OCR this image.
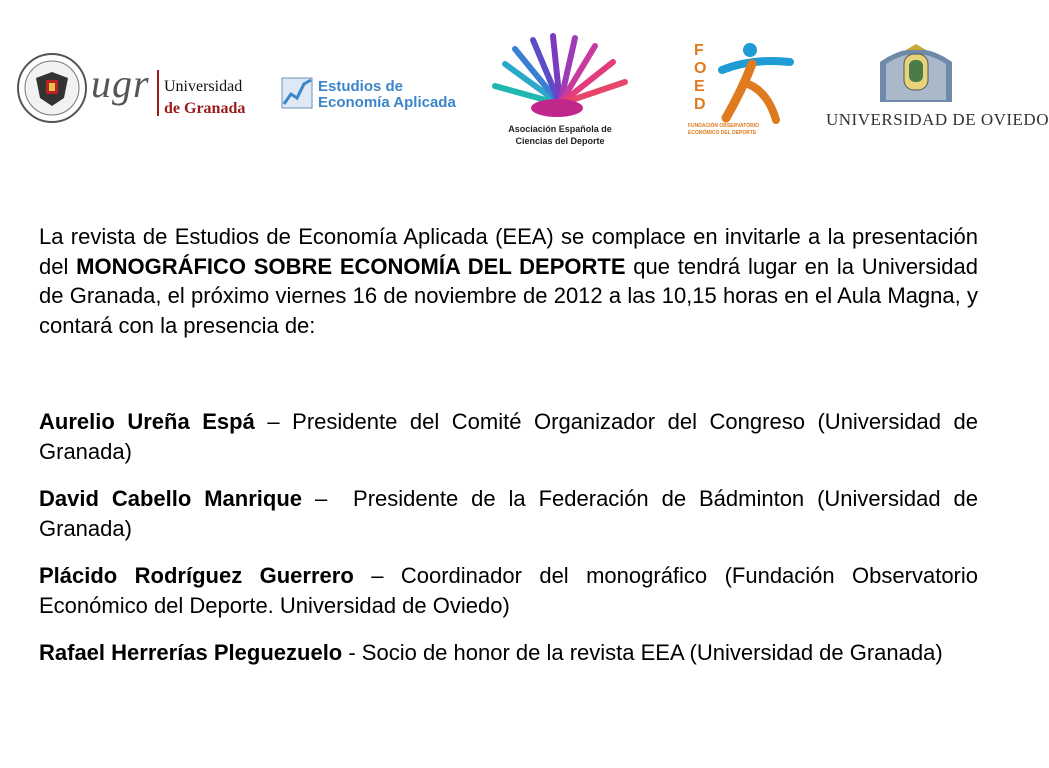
ugr Universidad
de Granada
Estudios de
Economía Aplicada
Asociación Española de
Ciencias del Deporte
F
O
E
D
FUNDACIÓN OBSERVATORIO
ECONÓMICO DEL DEPORTE
UNIVERSIDAD DE OVIEDO

La revista de Estudios de Economía Aplicada (EEA) se complace en invitarle a la presentación del MONOGRÁFICO SOBRE ECONOMÍA DEL DEPORTE que tendrá lugar en la Universidad de Granada, el próximo viernes 16 de noviembre de 2012 a las 10,15 horas en el Aula Magna, y contará con la presencia de:

Aurelio Ureña Espá – Presidente del Comité Organizador del Congreso (Universidad de Granada)

David Cabello Manrique –  Presidente de la Federación de Bádminton (Universidad de Granada)

Plácido Rodríguez Guerrero – Coordinador del monográfico (Fundación Observatorio Económico del Deporte. Universidad de Oviedo)

Rafael Herrerías Pleguezuelo - Socio de honor de la revista EEA (Universidad de Granada)
